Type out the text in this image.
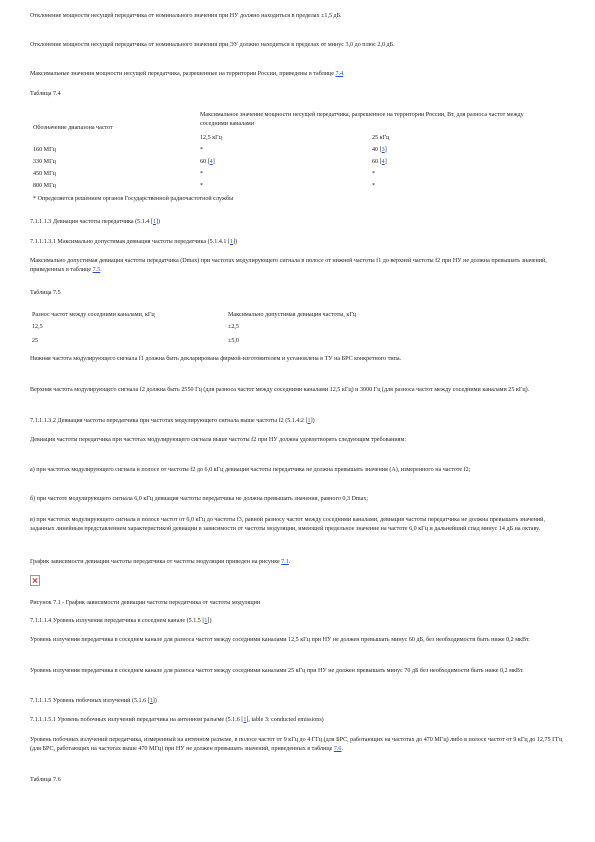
Отклонение мощности несущей передатчика от номинального значения при НУ должно находиться в пределах ±1,5 дБ.

Отклонение мощности несущей передатчика от номинального значения при ЭУ должно находиться в пределах от минус 3,0 до плюс 2,0 дБ.

Максимальные значения мощности несущей передатчика, разрешенные на территории России, приведены в таблице 7.4.

Таблица 7.4

Обозначение диапазона частот
Максимальное значение мощности несущей передатчика, разрешенное на территории России, Вт, для разноса частот между соседними каналами
12,5 кГц	25 кГц
160 МГц	*	40 [3]
330 МГц	60 [4]	60 [4]
450 МГц	*	*
800 МГц	*	*
* Определяется решением органов Государственной радиочастотной службы

7.1.1.1.3 Девиация частоты передатчика (5.1.4 [1])

7.1.1.1.3.1 Максимально допустимая девиация частоты передатчика (5.1.4.1 [1])

Максимально допустимая девиация частоты передатчика (Dmax) при частотах модулирующего сигнала в полосе от нижней частоты f1 до верхней частоты f2 при НУ не должна превышать значений, приведенных в таблице 7.5.

Таблица 7.5

Разнос частот между соседними каналами, кГц	Максимально допустимая девиация частоты, кГц
12,5	±2,5
25	±5,0

Нижняя частота модулирующего сигнала f1 должна быть декларирована фирмой-изготовителем и установлена в ТУ на БРС конкретного типа.

Верхняя частота модулирующего сигнала f2 должна быть 2550 Гц (для разноса частот между соседними каналами 12,5 кГц) и 3000 Гц (для разноса частот между соседними каналами 25 кГц).

7.1.1.1.3.2 Девиация частоты передатчика при частотах модулирующего сигнала выше частоты f2 (5.1.4.2 [1])

Девиация частоты передатчика при частотах модулирующего сигнала выше частоты f2 при НУ должна удовлетворять следующим требованиям:

а) при частотах модулирующего сигнала в полосе от частоты f2 до 6,0 кГц девиация частоты передатчика не должна превышать значения (А), измеренного на частоте f2;

б) при частоте модулирующего сигнала 6,0 кГц девиация частоты передатчика не должна превышать значения, равного 0,3 Dmax;

в) при частотах модулирующего сигнала в полосе частот от 6,0 кГц до частоты f3, равной разносу частот между соседними каналами, девиация частоты передатчика не должна превышать значений, заданных линейным представлением характеристикой девиации в зависимости от частоты модуляции, имеющей предельное значение на частоте 6,0 кГц и дальнейший спад минус 14 дБ на октаву.

График зависимости девиации частоты передатчика от частоты модуляции приведен на рисунке 7.1.

Рисунок 7.1 - График зависимости девиации частоты передатчика от частоты модуляции

7.1.1.1.4 Уровень излучения передатчика в соседнем канале (5.1.5 [1])

Уровень излучения передатчика в соседнем канале для разноса частот между соседними каналами 12,5 кГц при НУ не должен превышать минус 60 дБ, без необходимости быть ниже 0,2 мкВт.

Уровень излучения передатчика в соседнем канале для разноса частот между соседними каналами 25 кГц при НУ не должен превышать минус 70 дБ без необходимости быть ниже 0,2 мкВт.

7.1.1.1.5 Уровень побочных излучений (5.1.6 [1])

7.1.1.1.5.1 Уровень побочных излучений передатчика на антенном разъеме (5.1.6 [1], table 3: conducted emissions)

Уровень побочных излучений передатчика, измеренный на антенном разъеме, в полосе частот от 9 кГц до 4 ГГц (для БРС, работающих на частотах до 470 МГц) либо в полосе частот от 9 кГц до 12,75 ГГц (для БРС, работающих на частотах выше 470 МГц) при НУ не должен превышать значений, приведенных в таблице 7.6.

Таблица 7.6
